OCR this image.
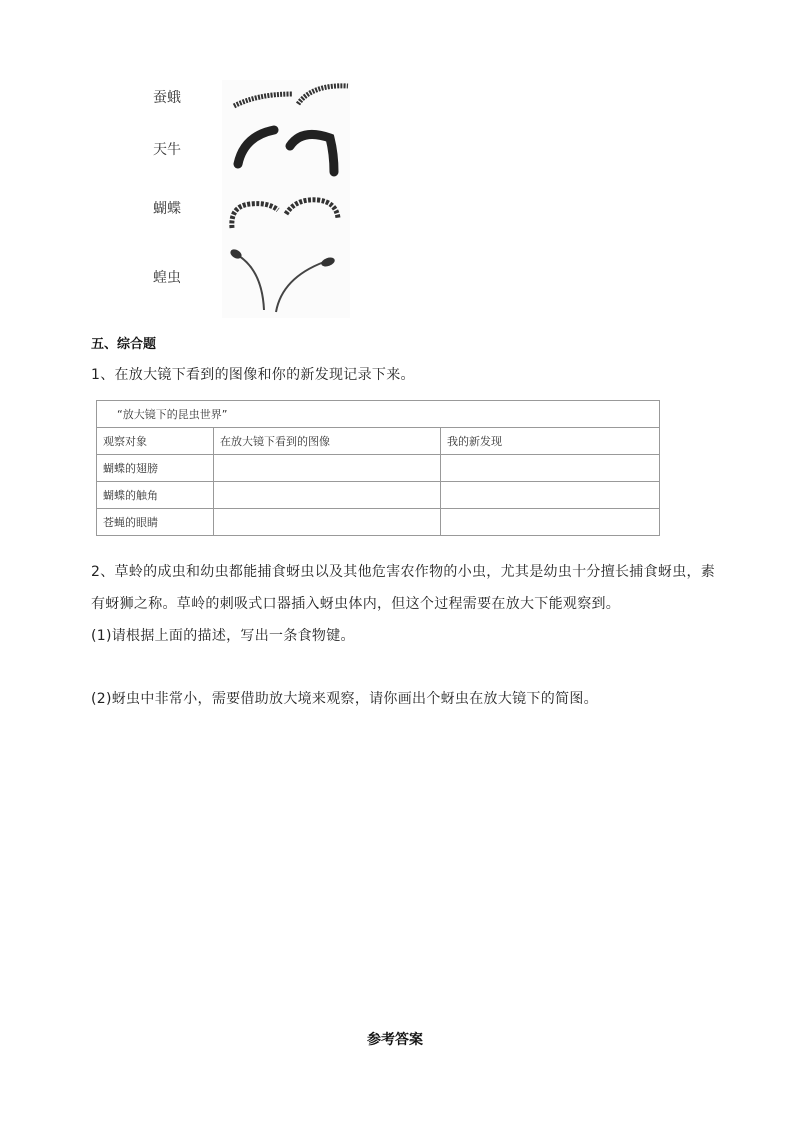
蚕蛾
天牛
蝴蝶
蝗虫
五、综合题
1、在放大镜下看到的图像和你的新发现记录下来。
“放大镜下的昆虫世界”		
观察对象	在放大镜下看到的图像	我的新发现
蝴蝶的翅膀		
蝴蝶的触角		
苍蝇的眼睛		
2、草蛉的成虫和幼虫都能捕食蚜虫以及其他危害农作物的小虫，尤其是幼虫十分擅长捕食蚜虫，素
有蚜狮之称。草岭的刺吸式口器插入蚜虫体内，但这个过程需要在放大下能观察到。
(1)请根据上面的描述，写出一条食物键。
(2)蚜虫中非常小，需要借助放大境来观察，请你画出个蚜虫在放大镜下的简图。
参考答案
